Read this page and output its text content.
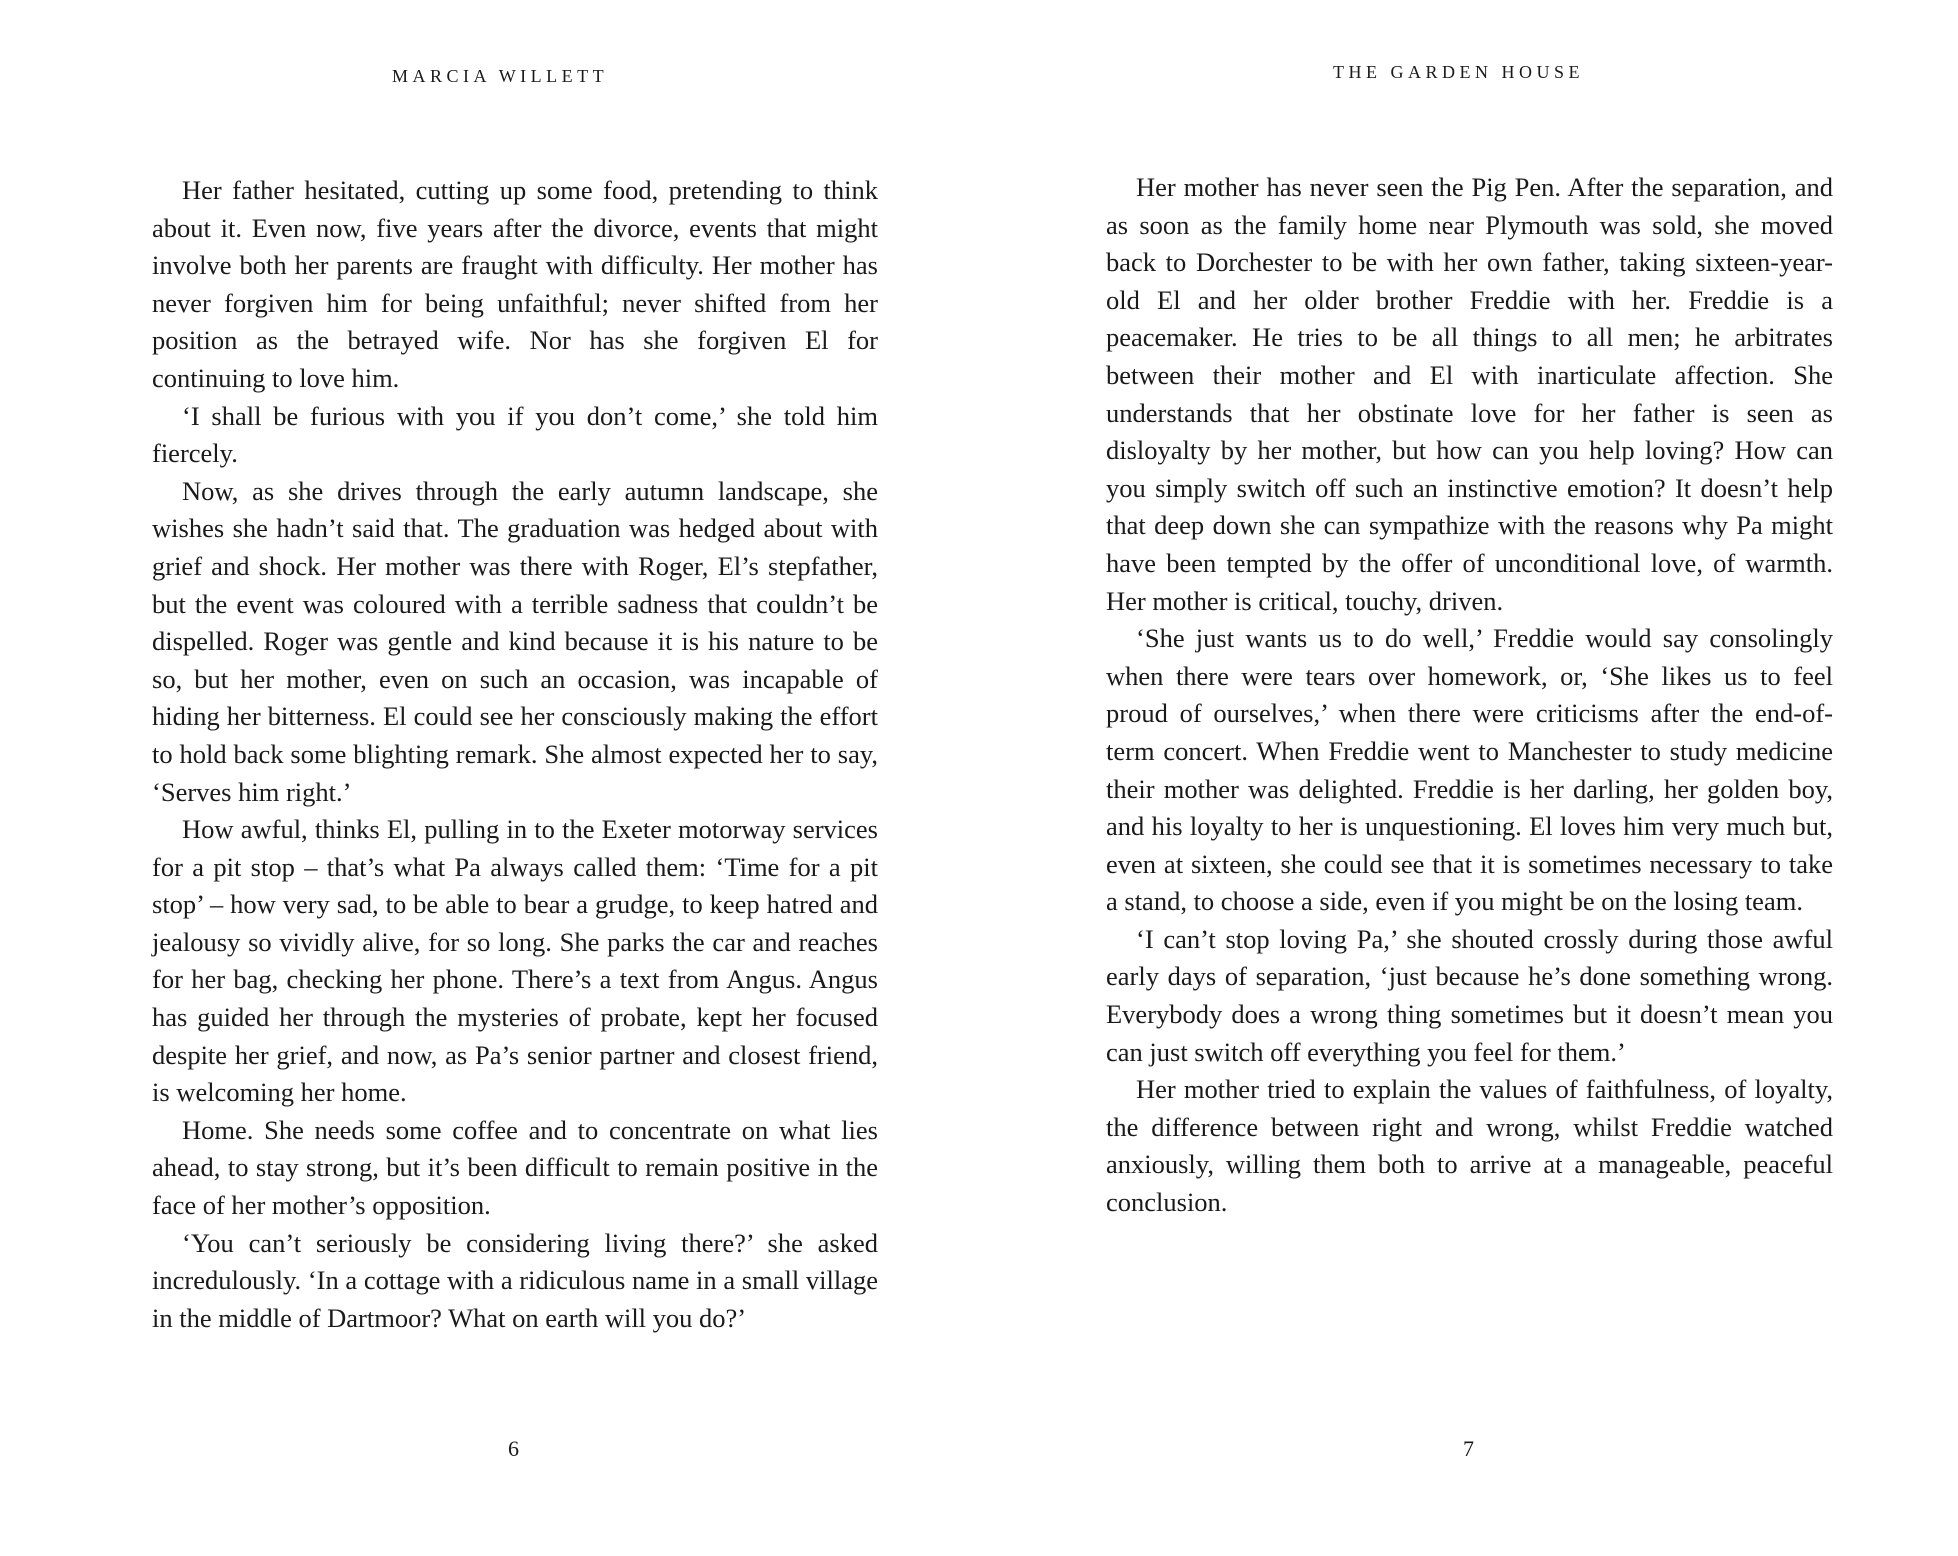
MARCIA WILLETT

Her father hesitated, cutting up some food, pretending to think about it. Even now, five years after the divorce, events that might involve both her parents are fraught with difficulty. Her mother has never forgiven him for being unfaithful; never shifted from her position as the betrayed wife. Nor has she forgiven El for continuing to love him.

‘I shall be furious with you if you don’t come,’ she told him fiercely.

Now, as she drives through the early autumn landscape, she wishes she hadn’t said that. The graduation was hedged about with grief and shock. Her mother was there with Roger, El’s stepfather, but the event was coloured with a terrible sadness that couldn’t be dispelled. Roger was gentle and kind because it is his nature to be so, but her mother, even on such an occasion, was incapable of hiding her bitterness. El could see her consciously making the effort to hold back some blighting remark. She almost expected her to say, ‘Serves him right.’

How awful, thinks El, pulling in to the Exeter motorway services for a pit stop – that’s what Pa always called them: ‘Time for a pit stop’ – how very sad, to be able to bear a grudge, to keep hatred and jealousy so vividly alive, for so long. She parks the car and reaches for her bag, checking her phone. There’s a text from Angus. Angus has guided her through the mysteries of probate, kept her focused despite her grief, and now, as Pa’s senior partner and closest friend, is welcoming her home.

Home. She needs some coffee and to concentrate on what lies ahead, to stay strong, but it’s been difficult to remain positive in the face of her mother’s opposition.

‘You can’t seriously be considering living there?’ she asked incredulously. ‘In a cottage with a ridiculous name in a small village in the middle of Dartmoor? What on earth will you do?’

6
THE GARDEN HOUSE

Her mother has never seen the Pig Pen. After the separation, and as soon as the family home near Plymouth was sold, she moved back to Dorchester to be with her own father, taking sixteen-year-old El and her older brother Freddie with her. Freddie is a peacemaker. He tries to be all things to all men; he arbitrates between their mother and El with inarticulate affection. She understands that her obstinate love for her father is seen as disloyalty by her mother, but how can you help loving? How can you simply switch off such an instinctive emotion? It doesn’t help that deep down she can sympathize with the reasons why Pa might have been tempted by the offer of unconditional love, of warmth. Her mother is critical, touchy, driven.

‘She just wants us to do well,’ Freddie would say consolingly when there were tears over homework, or, ‘She likes us to feel proud of ourselves,’ when there were criticisms after the end-of-term concert. When Freddie went to Manchester to study medicine their mother was delighted. Freddie is her darling, her golden boy, and his loyalty to her is unquestioning. El loves him very much but, even at sixteen, she could see that it is sometimes necessary to take a stand, to choose a side, even if you might be on the losing team.

‘I can’t stop loving Pa,’ she shouted crossly during those awful early days of separation, ‘just because he’s done something wrong. Everybody does a wrong thing sometimes but it doesn’t mean you can just switch off everything you feel for them.’

Her mother tried to explain the values of faithfulness, of loyalty, the difference between right and wrong, whilst Freddie watched anxiously, willing them both to arrive at a manageable, peaceful conclusion.

7
